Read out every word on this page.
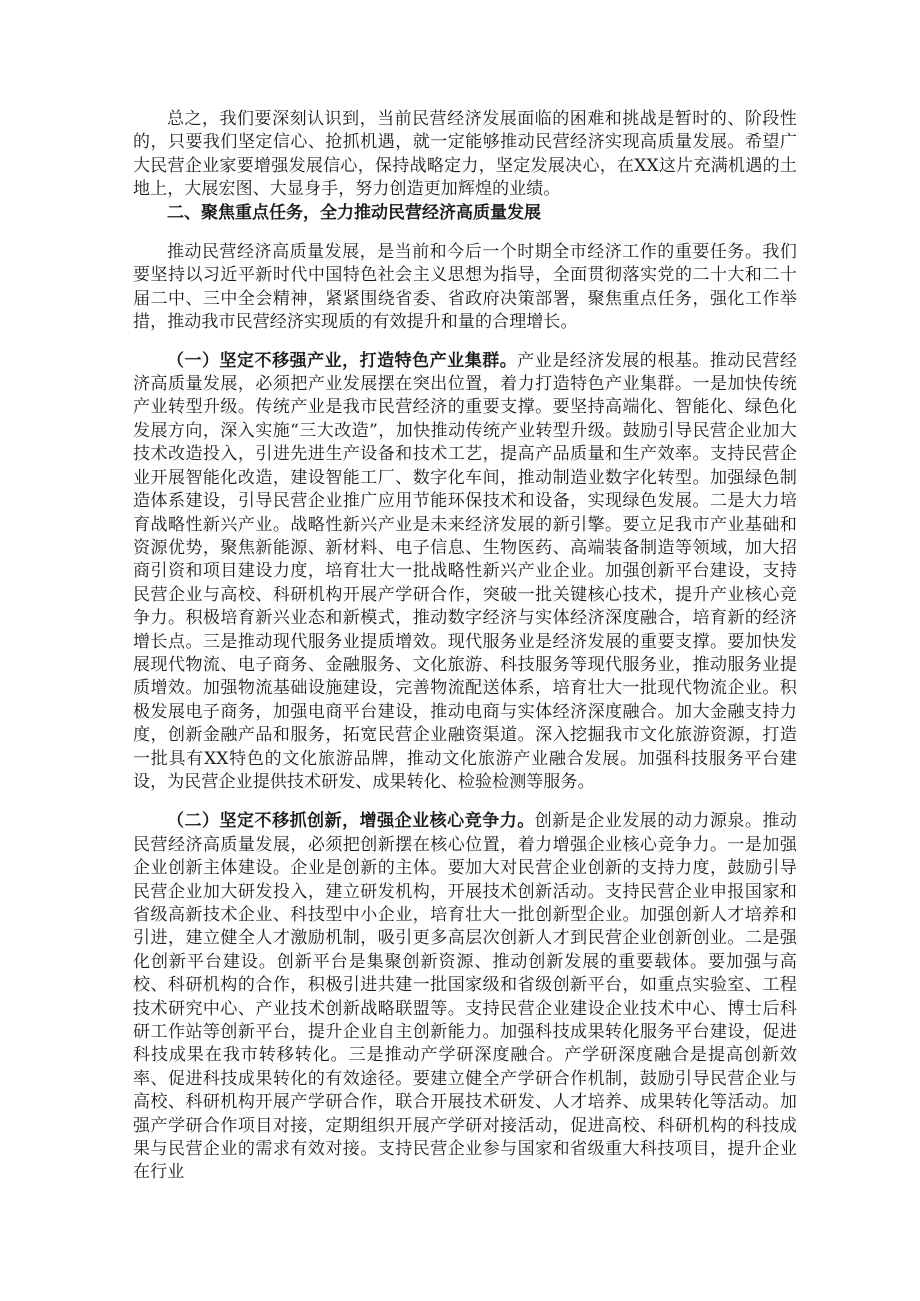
总之，我们要深刻认识到，当前民营经济发展面临的困难和挑战是暂时的、阶段性的，只要我们坚定信心、抢抓机遇，就一定能够推动民营经济实现高质量发展。希望广大民营企业家要增强发展信心，保持战略定力，坚定发展决心，在XX这片充满机遇的土地上，大展宏图、大显身手，努力创造更加辉煌的业绩。

二、聚焦重点任务，全力推动民营经济高质量发展

推动民营经济高质量发展，是当前和今后一个时期全市经济工作的重要任务。我们要坚持以习近平新时代中国特色社会主义思想为指导，全面贯彻落实党的二十大和二十届二中、三中全会精神，紧紧围绕省委、省政府决策部署，聚焦重点任务，强化工作举措，推动我市民营经济实现质的有效提升和量的合理增长。

（一）坚定不移强产业，打造特色产业集群。产业是经济发展的根基。推动民营经济高质量发展，必须把产业发展摆在突出位置，着力打造特色产业集群。一是加快传统产业转型升级。传统产业是我市民营经济的重要支撑。要坚持高端化、智能化、绿色化发展方向，深入实施“三大改造”，加快推动传统产业转型升级。鼓励引导民营企业加大技术改造投入，引进先进生产设备和技术工艺，提高产品质量和生产效率。支持民营企业开展智能化改造，建设智能工厂、数字化车间，推动制造业数字化转型。加强绿色制造体系建设，引导民营企业推广应用节能环保技术和设备，实现绿色发展。二是大力培育战略性新兴产业。战略性新兴产业是未来经济发展的新引擎。要立足我市产业基础和资源优势，聚焦新能源、新材料、电子信息、生物医药、高端装备制造等领域，加大招商引资和项目建设力度，培育壮大一批战略性新兴产业企业。加强创新平台建设，支持民营企业与高校、科研机构开展产学研合作，突破一批关键核心技术，提升产业核心竞争力。积极培育新兴业态和新模式，推动数字经济与实体经济深度融合，培育新的经济增长点。三是推动现代服务业提质增效。现代服务业是经济发展的重要支撑。要加快发展现代物流、电子商务、金融服务、文化旅游、科技服务等现代服务业，推动服务业提质增效。加强物流基础设施建设，完善物流配送体系，培育壮大一批现代物流企业。积极发展电子商务，加强电商平台建设，推动电商与实体经济深度融合。加大金融支持力度，创新金融产品和服务，拓宽民营企业融资渠道。深入挖掘我市文化旅游资源，打造一批具有XX特色的文化旅游品牌，推动文化旅游产业融合发展。加强科技服务平台建设，为民营企业提供技术研发、成果转化、检验检测等服务。

（二）坚定不移抓创新，增强企业核心竞争力。创新是企业发展的动力源泉。推动民营经济高质量发展，必须把创新摆在核心位置，着力增强企业核心竞争力。一是加强企业创新主体建设。企业是创新的主体。要加大对民营企业创新的支持力度，鼓励引导民营企业加大研发投入，建立研发机构，开展技术创新活动。支持民营企业申报国家和省级高新技术企业、科技型中小企业，培育壮大一批创新型企业。加强创新人才培养和引进，建立健全人才激励机制，吸引更多高层次创新人才到民营企业创新创业。二是强化创新平台建设。创新平台是集聚创新资源、推动创新发展的重要载体。要加强与高校、科研机构的合作，积极引进共建一批国家级和省级创新平台，如重点实验室、工程技术研究中心、产业技术创新战略联盟等。支持民营企业建设企业技术中心、博士后科研工作站等创新平台，提升企业自主创新能力。加强科技成果转化服务平台建设，促进科技成果在我市转移转化。三是推动产学研深度融合。产学研深度融合是提高创新效率、促进科技成果转化的有效途径。要建立健全产学研合作机制，鼓励引导民营企业与高校、科研机构开展产学研合作，联合开展技术研发、人才培养、成果转化等活动。加强产学研合作项目对接，定期组织开展产学研对接活动，促进高校、科研机构的科技成果与民营企业的需求有效对接。支持民营企业参与国家和省级重大科技项目，提升企业在行业
